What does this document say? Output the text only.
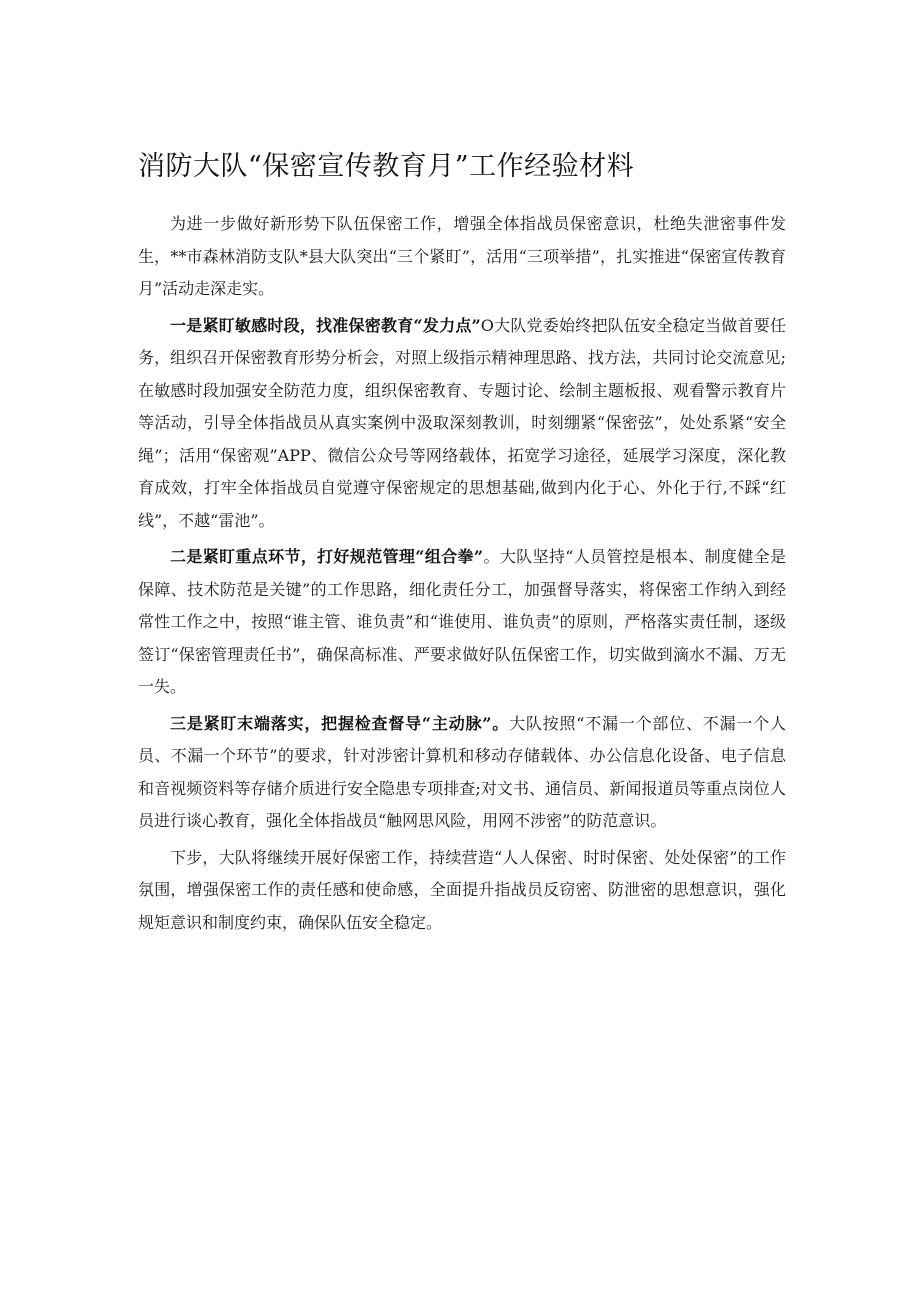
消防大队“保密宣传教育月”工作经验材料

为进一步做好新形势下队伍保密工作，增强全体指战员保密意识，杜绝失泄密事件发生，**市森林消防支队*县大队突出“三个紧盯”，活用“三项举措”，扎实推进“保密宣传教育月”活动走深走实。

一是紧盯敏感时段，找准保密教育“发力点”O大队党委始终把队伍安全稳定当做首要任务，组织召开保密教育形势分析会，对照上级指示精神理思路、找方法，共同讨论交流意见;在敏感时段加强安全防范力度，组织保密教育、专题讨论、绘制主题板报、观看警示教育片等活动，引导全体指战员从真实案例中汲取深刻教训，时刻绷紧“保密弦”，处处系紧“安全绳”；活用“保密观”APP、微信公众号等网络载体，拓宽学习途径，延展学习深度，深化教育成效，打牢全体指战员自觉遵守保密规定的思想基础,做到内化于心、外化于行,不踩“红线”，不越“雷池”。

二是紧盯重点环节，打好规范管理“组合拳”。大队坚持“人员管控是根本、制度健全是保障、技术防范是关键”的工作思路，细化责任分工，加强督导落实，将保密工作纳入到经常性工作之中，按照“谁主管、谁负责”和“谁使用、谁负责”的原则，严格落实责任制，逐级签订“保密管理责任书”，确保高标准、严要求做好队伍保密工作，切实做到滴水不漏、万无一失。

三是紧盯末端落实，把握检查督导“主动脉”。大队按照“不漏一个部位、不漏一个人员、不漏一个环节”的要求，针对涉密计算机和移动存储载体、办公信息化设备、电子信息和音视频资料等存储介质进行安全隐患专项排查;对文书、通信员、新闻报道员等重点岗位人员进行谈心教育，强化全体指战员“触网思风险，用网不涉密”的防范意识。

下步，大队将继续开展好保密工作，持续营造“人人保密、时时保密、处处保密”的工作氛围，增强保密工作的责任感和使命感，全面提升指战员反窃密、防泄密的思想意识，强化规矩意识和制度约束，确保队伍安全稳定。
